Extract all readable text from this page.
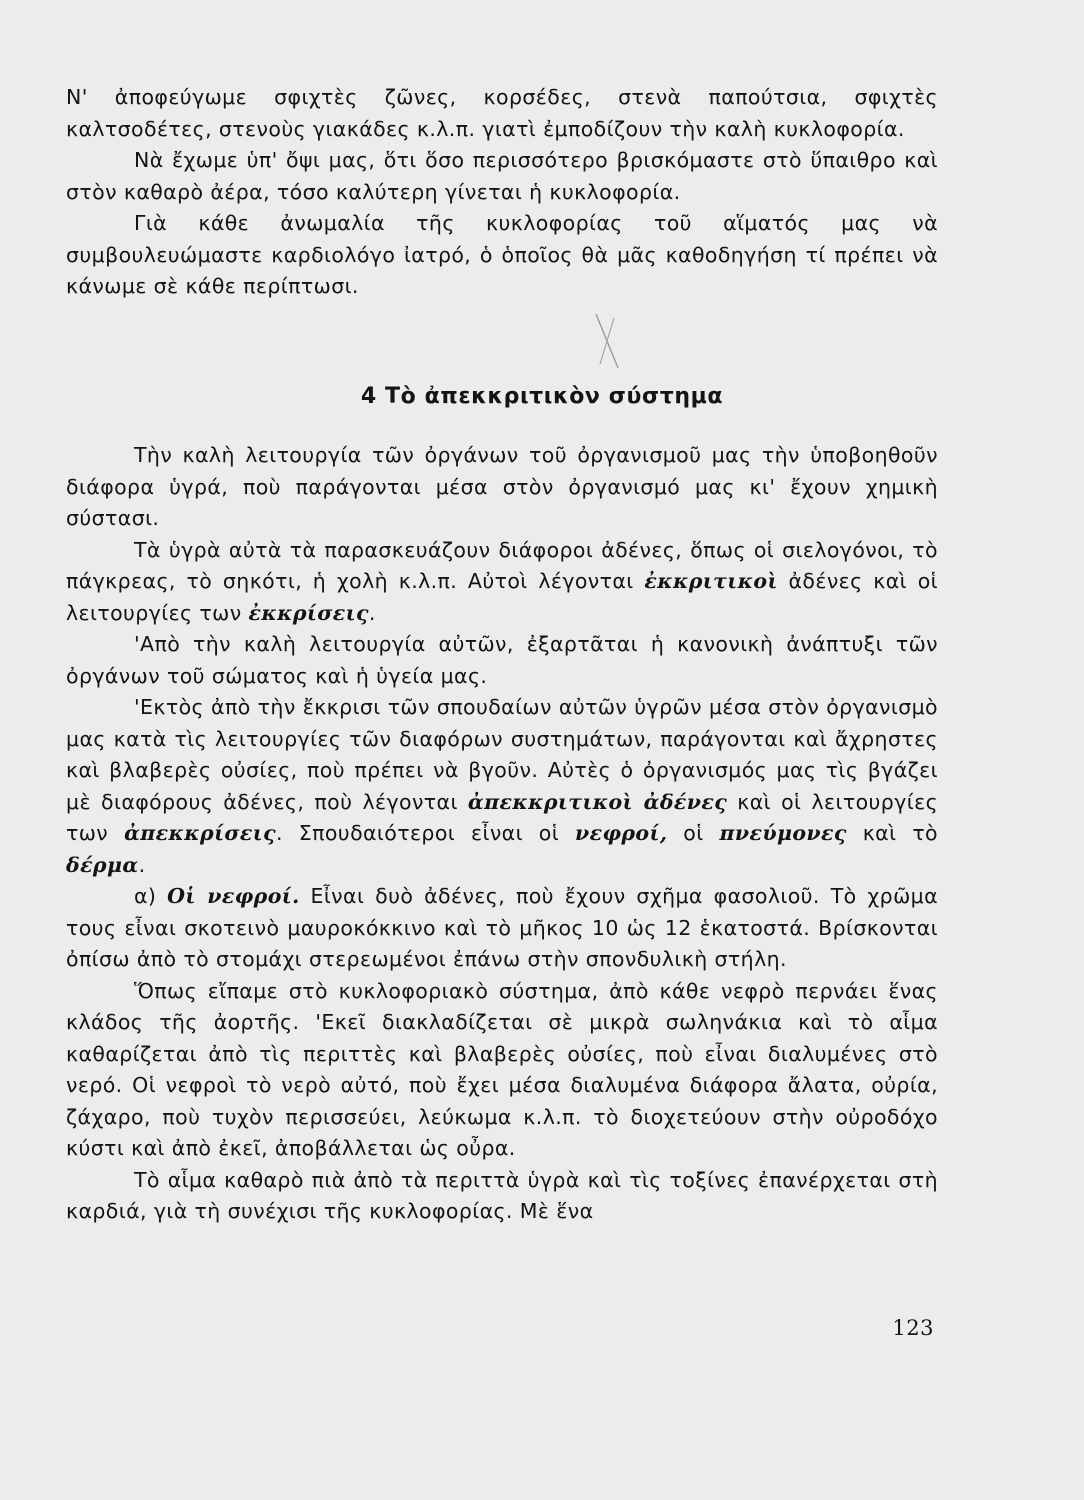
Ν' ἀποφεύγωμε σφιχτὲς ζῶνες, κορσέδες, στενὰ παπούτσια, σφιχτὲς καλτσοδέτες, στενοὺς γιακάδες κ.λ.π. γιατὶ ἐμποδίζουν τὴν καλὴ κυκλοφορία.

Νὰ ἔχωμε ὑπ' ὄψι μας, ὅτι ὅσο περισσότερο βρισκόμαστε στὸ ὕπαιθρο καὶ στὸν καθαρὸ ἀέρα, τόσο καλύτερη γίνεται ἡ κυκλοφορία.

Γιὰ κάθε ἀνωμαλία τῆς κυκλοφορίας τοῦ αἵματός μας νὰ συμβουλευώμαστε καρδιολόγο ἰατρό, ὁ ὁποῖος θὰ μᾶς καθοδηγήση τί πρέπει νὰ κάνωμε σὲ κάθε περίπτωσι.

4 Τὸ ἀπεκκριτικὸν σύστημα

Τὴν καλὴ λειτουργία τῶν ὀργάνων τοῦ ὀργανισμοῦ μας τὴν ὑποβοηθοῦν διάφορα ὑγρά, ποὺ παράγονται μέσα στὸν ὀργανισμό μας κι' ἔχουν χημικὴ σύστασι.

Τὰ ὑγρὰ αὐτὰ τὰ παρασκευάζουν διάφοροι ἀδένες, ὅπως οἱ σιελογόνοι, τὸ πάγκρεας, τὸ σηκότι, ἡ χολὴ κ.λ.π. Αὐτοὶ λέγονται ἐκκριτικοὶ ἀδένες καὶ οἱ λειτουργίες των ἐκκρίσεις.

'Απὸ τὴν καλὴ λειτουργία αὐτῶν, ἐξαρτᾶται ἡ κανονικὴ ἀνάπτυξι τῶν ὀργάνων τοῦ σώματος καὶ ἡ ὑγεία μας.

'Εκτὸς ἀπὸ τὴν ἔκκρισι τῶν σπουδαίων αὐτῶν ὑγρῶν μέσα στὸν ὀργανισμὸ μας κατὰ τὶς λειτουργίες τῶν διαφόρων συστημάτων, παράγονται καὶ ἄχρηστες καὶ βλαβερὲς οὐσίες, ποὺ πρέπει νὰ βγοῦν. Αὐτὲς ὁ ὀργανισμός μας τὶς βγάζει μὲ διαφόρους ἀδένες, ποὺ λέγονται ἀπεκκριτικοὶ ἀδένες καὶ οἱ λειτουργίες των ἀπεκκρίσεις. Σπουδαιότεροι εἶναι οἱ νεφροί, οἱ πνεύμονες καὶ τὸ δέρμα.

α) Οἱ νεφροί. Εἶναι δυὸ ἀδένες, ποὺ ἔχουν σχῆμα φασολιοῦ. Τὸ χρῶμα τους εἶναι σκοτεινὸ μαυροκόκκινο καὶ τὸ μῆκος 10 ὡς 12 ἑκατοστά. Βρίσκονται ὀπίσω ἀπὸ τὸ στομάχι στερεωμένοι ἐπάνω στὴν σπονδυλικὴ στήλη.

Ὅπως εἴπαμε στὸ κυκλοφοριακὸ σύστημα, ἀπὸ κάθε νεφρὸ περνάει ἕνας κλάδος τῆς ἀορτῆς. 'Εκεῖ διακλαδίζεται σὲ μικρὰ σωληνάκια καὶ τὸ αἷμα καθαρίζεται ἀπὸ τὶς περιττὲς καὶ βλαβερὲς οὐσίες, ποὺ εἶναι διαλυμένες στὸ νερό. Οἱ νεφροὶ τὸ νερὸ αὐτό, ποὺ ἔχει μέσα διαλυμένα διάφορα ἄλατα, οὐρία, ζάχαρο, ποὺ τυχὸν περισσεύει, λεύκωμα κ.λ.π. τὸ διοχετεύουν στὴν οὐροδόχο κύστι καὶ ἀπὸ ἐκεῖ, ἀποβάλλεται ὡς οὖρα.

Τὸ αἷμα καθαρὸ πιὰ ἀπὸ τὰ περιττὰ ὑγρὰ καὶ τὶς τοξίνες ἐπανέρχεται στὴ καρδιά, γιὰ τὴ συνέχισι τῆς κυκλοφορίας. Μὲ ἕνα

123
